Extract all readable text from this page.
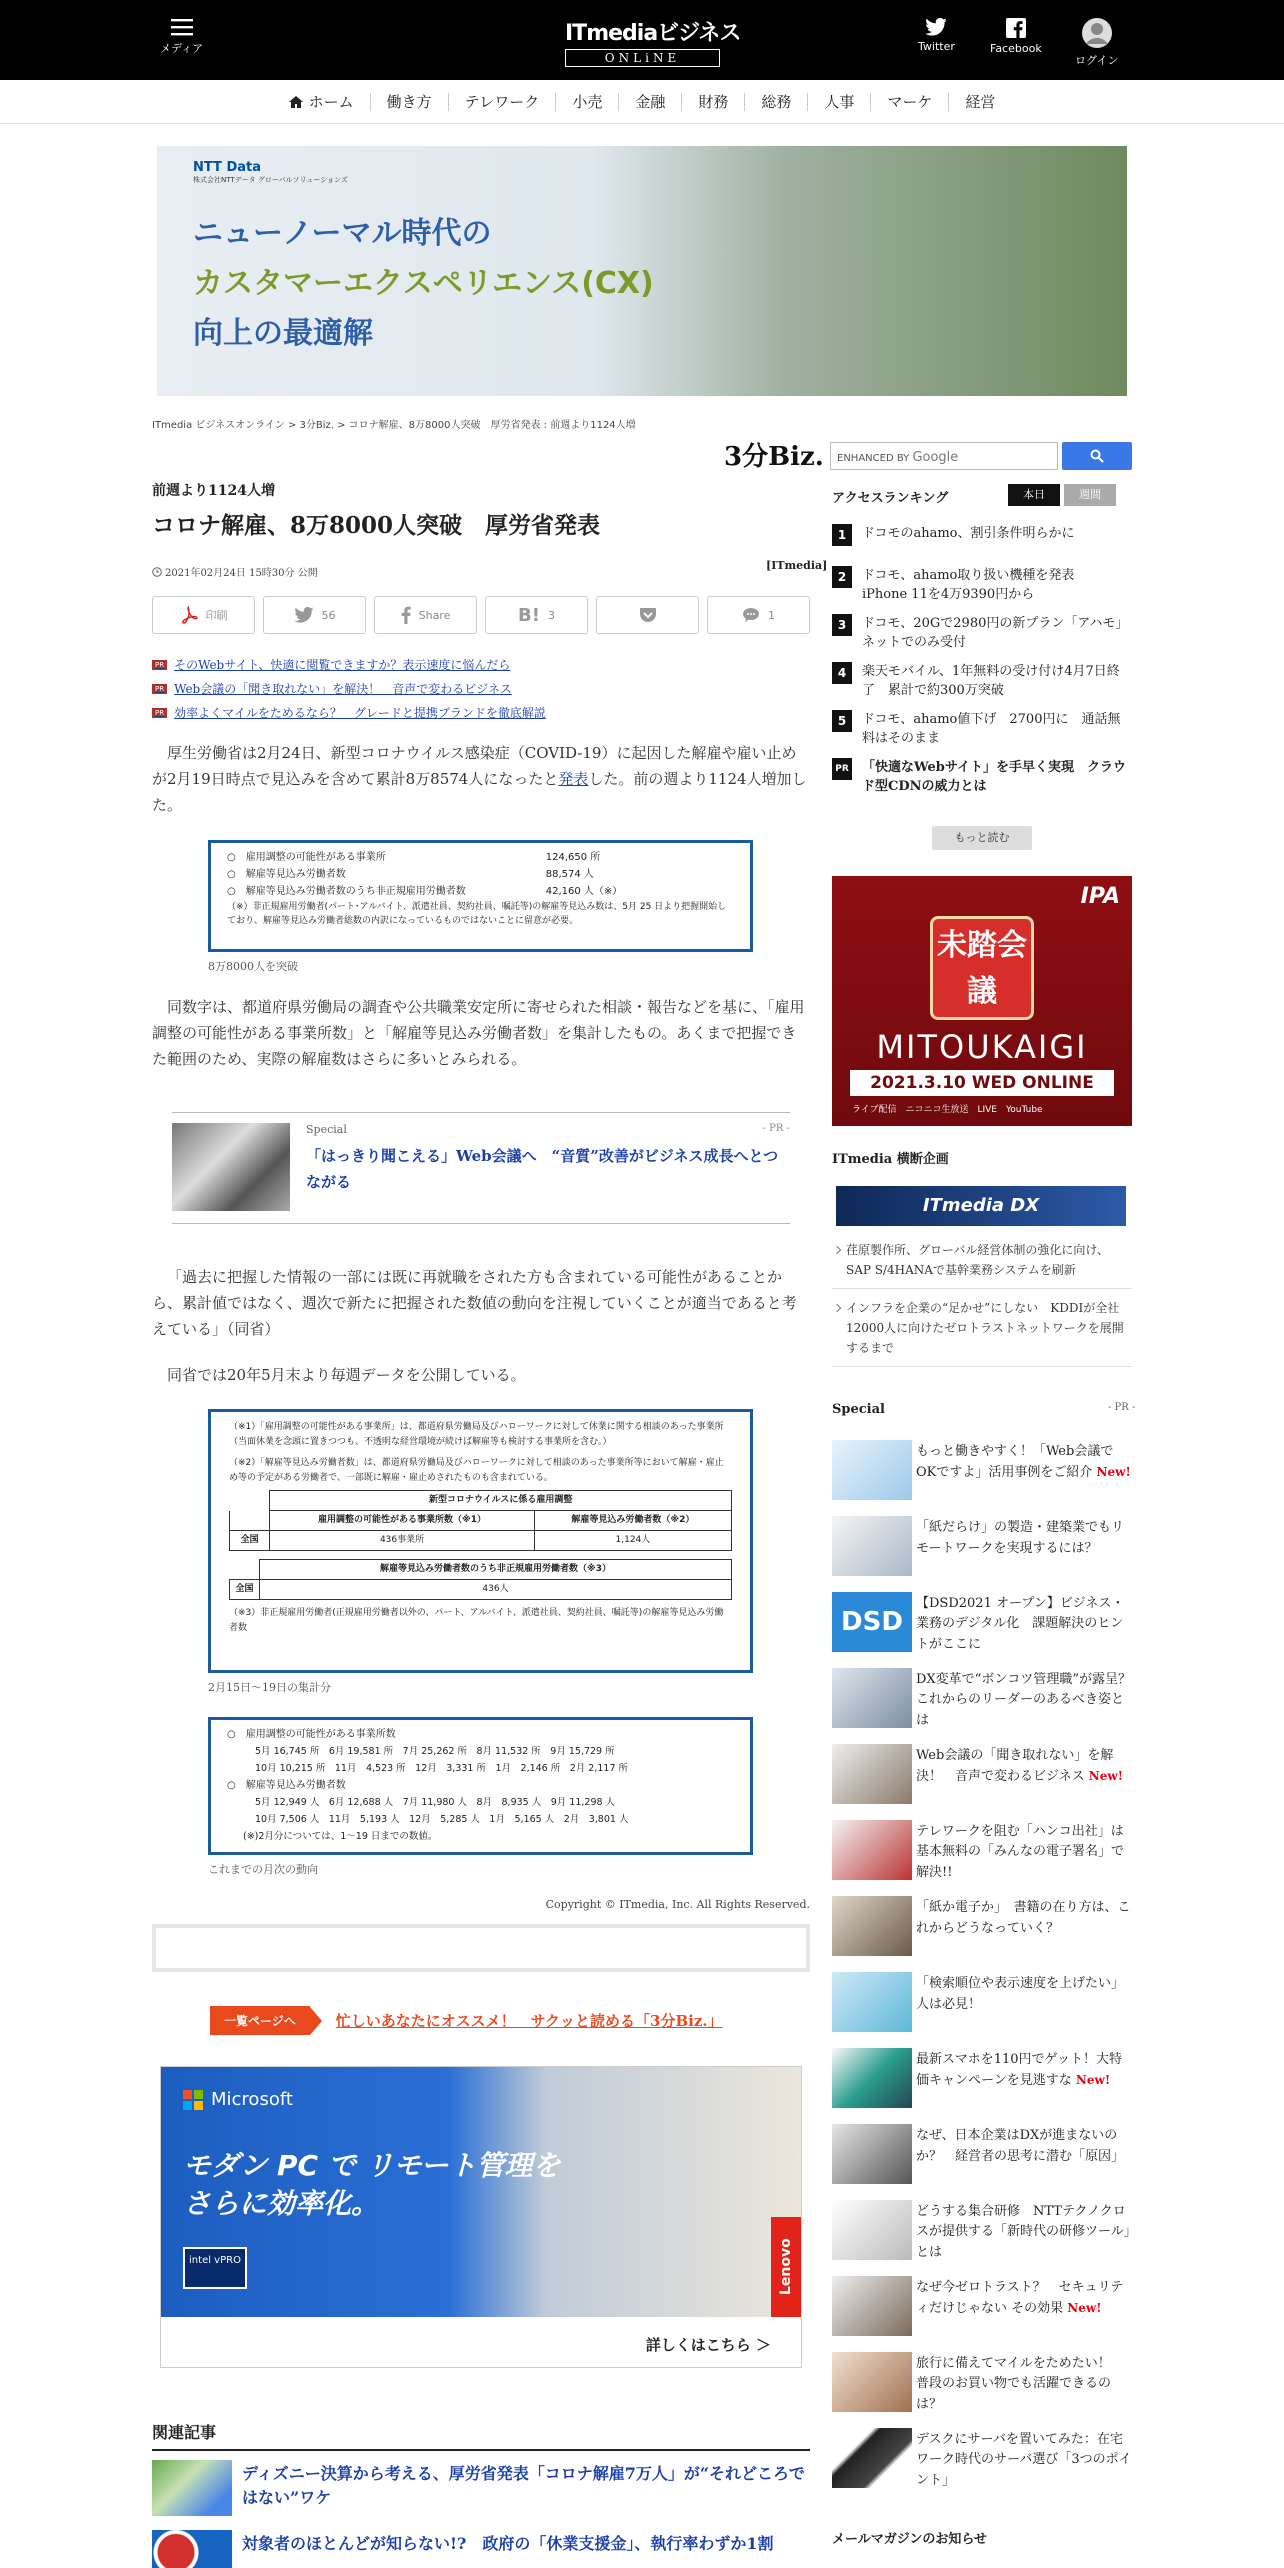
メディア
ITmediaビジネス
ONLiNE
Twitter	Facebook
ログイン
ホーム	働き方	テレワーク	小売	金融	財務	総務	人事	マーケ	経営
NTT Data
株式会社NTTデータ グローバルソリューションズ
ニューノーマル時代の
カスタマーエクスペリエンス(CX)
向上の最適解
ITmedia ビジネスオンライン > 3分Biz. > コロナ解雇、8万8000人突破　厚労省発表 : 前週より1124人増
3分Biz.
前週より1124人増
コロナ解雇、8万8000人突破　厚労省発表
2021年02月24日 15時30分 公開
[ITmedia]
印刷	56	Share	B! 3	1
PR そのWebサイト、快適に閲覧できますか？表示速度に悩んだら
PR Web会議の「聞き取れない」を解決！　音声で変わるビジネス
PR 効率よくマイルをためるなら？　グレードと提携ブランドを徹底解説

厚生労働省は2月24日、新型コロナウイルス感染症（COVID-19）に起因した解雇や雇い止めが2月19日時点で見込みを含めて累計8万8574人になったと発表した。前の週より1124人増加した。

○　雇用調整の可能性がある事業所	124,650 所
○　解雇等見込み労働者数	88,574 人
○　解雇等見込み労働者数のうち非正規雇用労働者数	42,160 人（※）
（※）非正規雇用労働者(パート･アルバイト、派遣社員、契約社員、嘱託等)の解雇等見込み数は、5月 25 日より把握開始しており、解雇等見込み労働者総数の内訳になっているものではないことに留意が必要。
8万8000人を突破

同数字は、都道府県労働局の調査や公共職業安定所に寄せられた相談・報告などを基に、「雇用調整の可能性がある事業所数」と「解雇等見込み労働者数」を集計したもの。あくまで把握できた範囲のため、実際の解雇数はさらに多いとみられる。

Special	- PR -
「はっきり聞こえる」Web会議へ　“音質”改善がビジネス成長へとつながる

「過去に把握した情報の一部には既に再就職をされた方も含まれている可能性があることから、累計値ではなく、週次で新たに把握された数値の動向を注視していくことが適当であると考えている」（同省）

同省では20年5月末より毎週データを公開している。

（※1）「雇用調整の可能性がある事業所」は、都道府県労働局及びハローワークに対して休業に関する相談のあった事業所（当面休業を念頭に置きつつも、不透明な経営環境が続けば解雇等も検討する事業所を含む。）
（※2）「解雇等見込み労働者数」は、都道府県労働局及びハローワークに対して相談のあった事業所等において解雇・雇止め等の予定がある労働者で、一部既に解雇・雇止めされたものも含まれている。
	新型コロナウイルスに係る雇用調整	
	雇用調整の可能性がある事業所数（※1）	解雇等見込み労働者数（※2）
全国	436事業所	1,124人
	解雇等見込み労働者数のうち非正規雇用労働者数（※3）
全国	436人
（※3）非正規雇用労働者(正規雇用労働者以外の、パート、アルバイト、派遣社員、契約社員、嘱託等)の解雇等見込み労働者数
2月15日～19日の集計分
○　雇用調整の可能性がある事業所数
5月 16,745 所　6月 19,581 所　7月 25,262 所　8月 11,532 所　9月 15,729 所
10月 10,215 所　11月　4,523 所　12月　3,331 所　1月　2,146 所　2月 2,117 所
○　解雇等見込み労働者数
5月 12,949 人　6月 12,688 人　7月 11,980 人　8月　8,935 人　9月 11,298 人
10月 7,506 人　11月　5,193 人　12月　5,285 人　1月　5,165 人　2月　3,801 人
(※)2月分については、1～19 日までの数値。
これまでの月次の動向
Copyright © ITmedia, Inc. All Rights Reserved.
一覧ページへ	忙しいあなたにオススメ！　サクッと読める「3分Biz.」
Microsoft
モダン PC で リモート管理を
さらに効率化。
intel vPRO	Lenovo
詳しくはこちら ＞
関連記事
ディズニー決算から考える、厚労省発表「コロナ解雇7万人」が“それどころではない”ワケ
対象者のほとんどが知らない!?　政府の「休業支援金」、執行率わずか1割
ENHANCED BY Google
アクセスランキング	本日	週間
1	ドコモのahamo、割引条件明らかに
2	ドコモ、ahamo取り扱い機種を発表　iPhone 11を4万9390円から
3	ドコモ、20Gで2980円の新プラン「アハモ」　ネットでのみ受付
4	楽天モバイル、1年無料の受け付け4月7日終了　累計で約300万突破
5	ドコモ、ahamo値下げ　2700円に　通話無料はそのまま
PR 「快適なWebサイト」を手早く実現　クラウド型CDNの威力とは
もっと読む
IPA
未踏会議
MITOUKAIGI
2021.3.10 WED ONLINE
ライブ配信　ニコニコ生放送　LIVE　YouTube
ITmedia 横断企画
ITmedia DX
荏原製作所、グローバル経営体制の強化に向け、SAP S/4HANAで基幹業務システムを刷新
インフラを企業の“足かせ”にしない　KDDIが全社12000人に向けたゼロトラストネットワークを展開するまで
Special	- PR -
もっと働きやすく！「Web会議でOKですよ」活用事例をご紹介 New!
「紙だらけ」の製造・建築業でもリモートワークを実現するには？
DSD
【DSD2021 オープン】ビジネス・業務のデジタル化　課題解決のヒントがここに
DX変革で“ボンコツ管理職”が露呈？ これからのリーダーのあるべき姿とは
Web会議の「聞き取れない」を解決！　音声で変わるビジネス New!
テレワークを阻む「ハンコ出社」は基本無料の「みんなの電子署名」で解決!!
「紙か電子か」　書籍の在り方は、これからどうなっていく？
「検索順位や表示速度を上げたい」人は必見！
最新スマホを110円でゲット！大特価キャンペーンを見逃すな New!
なぜ、日本企業はDXが進まないのか？　経営者の思考に潜む「原因」
どうする集合研修　NTTテクノクロスが提供する「新時代の研修ツール」とは
なぜ今ゼロトラスト？　セキュリティだけじゃない その効果 New!
旅行に備えてマイルをためたい！　普段のお買い物でも活躍できるのは？
デスクにサーバを置いてみた：在宅ワーク時代のサーバ選び「3つのポイント」
メールマガジンのお知らせ
